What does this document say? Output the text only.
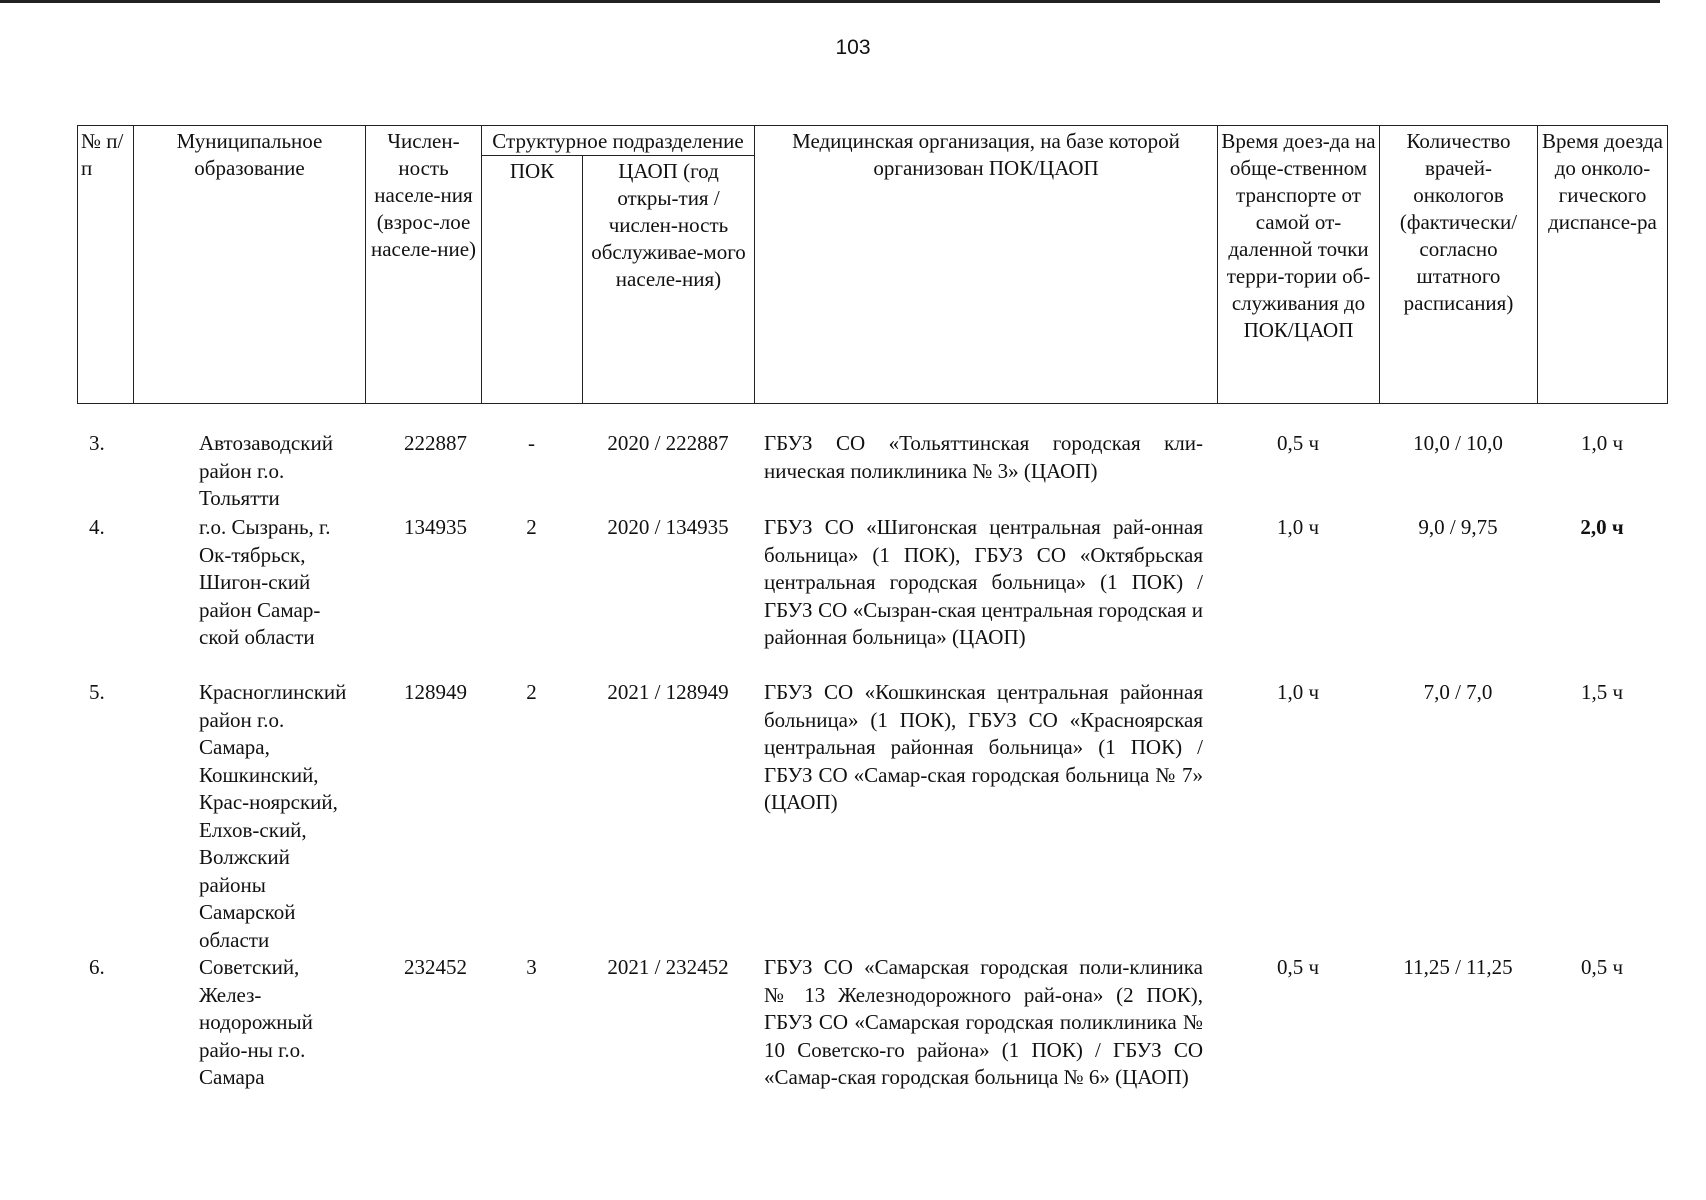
103
№ п/п	Муниципальное образование	Числен-ность населе-ния (взрос-лое населе-ние)	Структурное подразделение		Медицинская организация, на базе которой организован ПОК/ЦАОП	Время доез-да на обще-ственном транспорте от самой от-даленной точки терри-тории об-служивания до ПОК/ЦАОП	Количество врачей-онкологов (фактически/ согласно штатного расписания)	Время доезда до онколо-гического диспансе-ра
			ПОК	ЦАОП (год откры-тия / числен-ность обслуживае-мого населе-ния)				
3.	Автозаводский район г.о. Тольятти	222887	-	2020 / 222887	ГБУЗ СО «Тольяттинская городская кли-ническая поликлиника № 3» (ЦАОП)	0,5 ч	10,0 / 10,0	1,0 ч
4.	г.о. Сызрань, г. Ок-тябрьск, Шигон-ский район Самар-ской области	134935	2	2020 / 134935	ГБУЗ СО «Шигонская центральная рай-онная больница» (1 ПОК), ГБУЗ СО «Октябрьская центральная городская больница» (1 ПОК) / ГБУЗ СО «Сызран-ская центральная городская и районная больница» (ЦАОП)	1,0 ч	9,0 / 9,75	2,0 ч
5.	Красноглинский район г.о. Самара, Кошкинский, Крас-ноярский, Елхов-ский, Волжский районы Самарской области	128949	2	2021 / 128949	ГБУЗ СО «Кошкинская центральная районная больница» (1 ПОК), ГБУЗ СО «Красноярская центральная районная больница» (1 ПОК) / ГБУЗ СО «Самар-ская городская больница № 7» (ЦАОП)	1,0 ч	7,0 / 7,0	1,5 ч
6.	Советский, Желез-нодорожный райо-ны г.о. Самара	232452	3	2021 / 232452	ГБУЗ СО «Самарская городская поли-клиника № 13 Железнодорожного рай-она» (2 ПОК), ГБУЗ СО «Самарская городская поликлиника № 10 Советско-го района» (1 ПОК) / ГБУЗ СО «Самар-ская городская больница № 6» (ЦАОП)	0,5 ч	11,25 / 11,25	0,5 ч
